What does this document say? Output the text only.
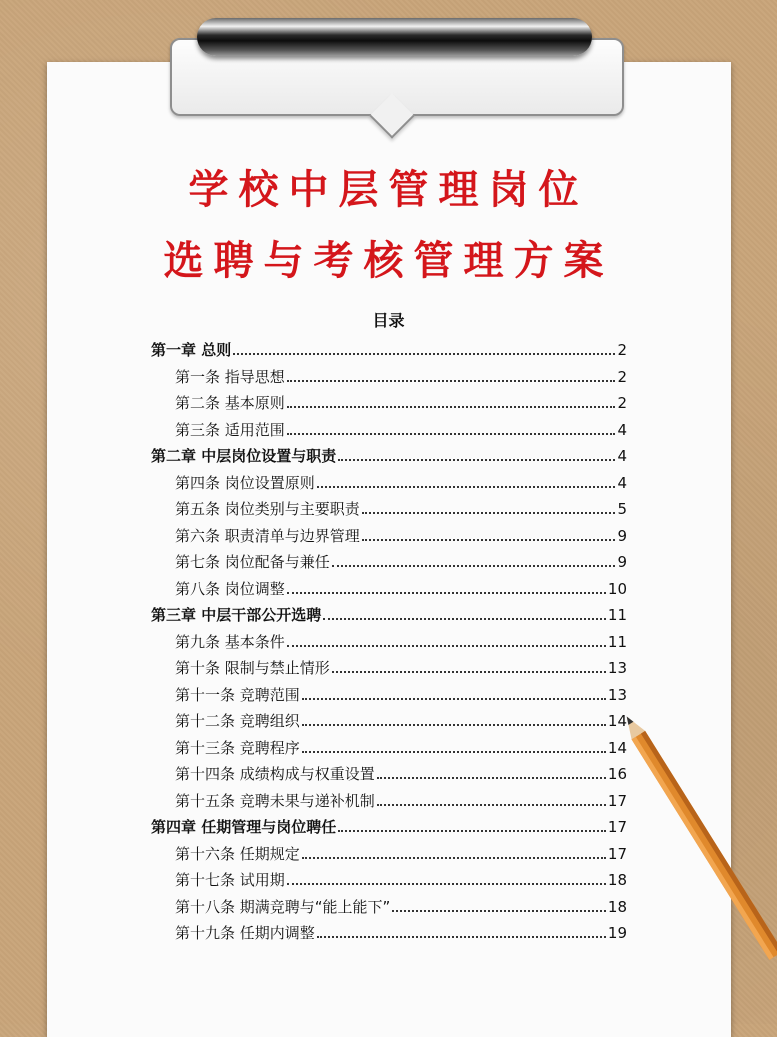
学校中层管理岗位
选聘与考核管理方案
目录
第一章 总则	2
第一条 指导思想	2
第二条 基本原则	2
第三条 适用范围	4
第二章 中层岗位设置与职责	4
第四条 岗位设置原则	4
第五条 岗位类别与主要职责	5
第六条 职责清单与边界管理	9
第七条 岗位配备与兼任	9
第八条 岗位调整	10
第三章 中层干部公开选聘	11
第九条 基本条件	11
第十条 限制与禁止情形	13
第十一条 竞聘范围	13
第十二条 竞聘组织	14
第十三条 竞聘程序	14
第十四条 成绩构成与权重设置	16
第十五条 竞聘未果与递补机制	17
第四章 任期管理与岗位聘任	17
第十六条 任期规定	17
第十七条 试用期	18
第十八条 期满竞聘与“能上能下”	18
第十九条 任期内调整	19
